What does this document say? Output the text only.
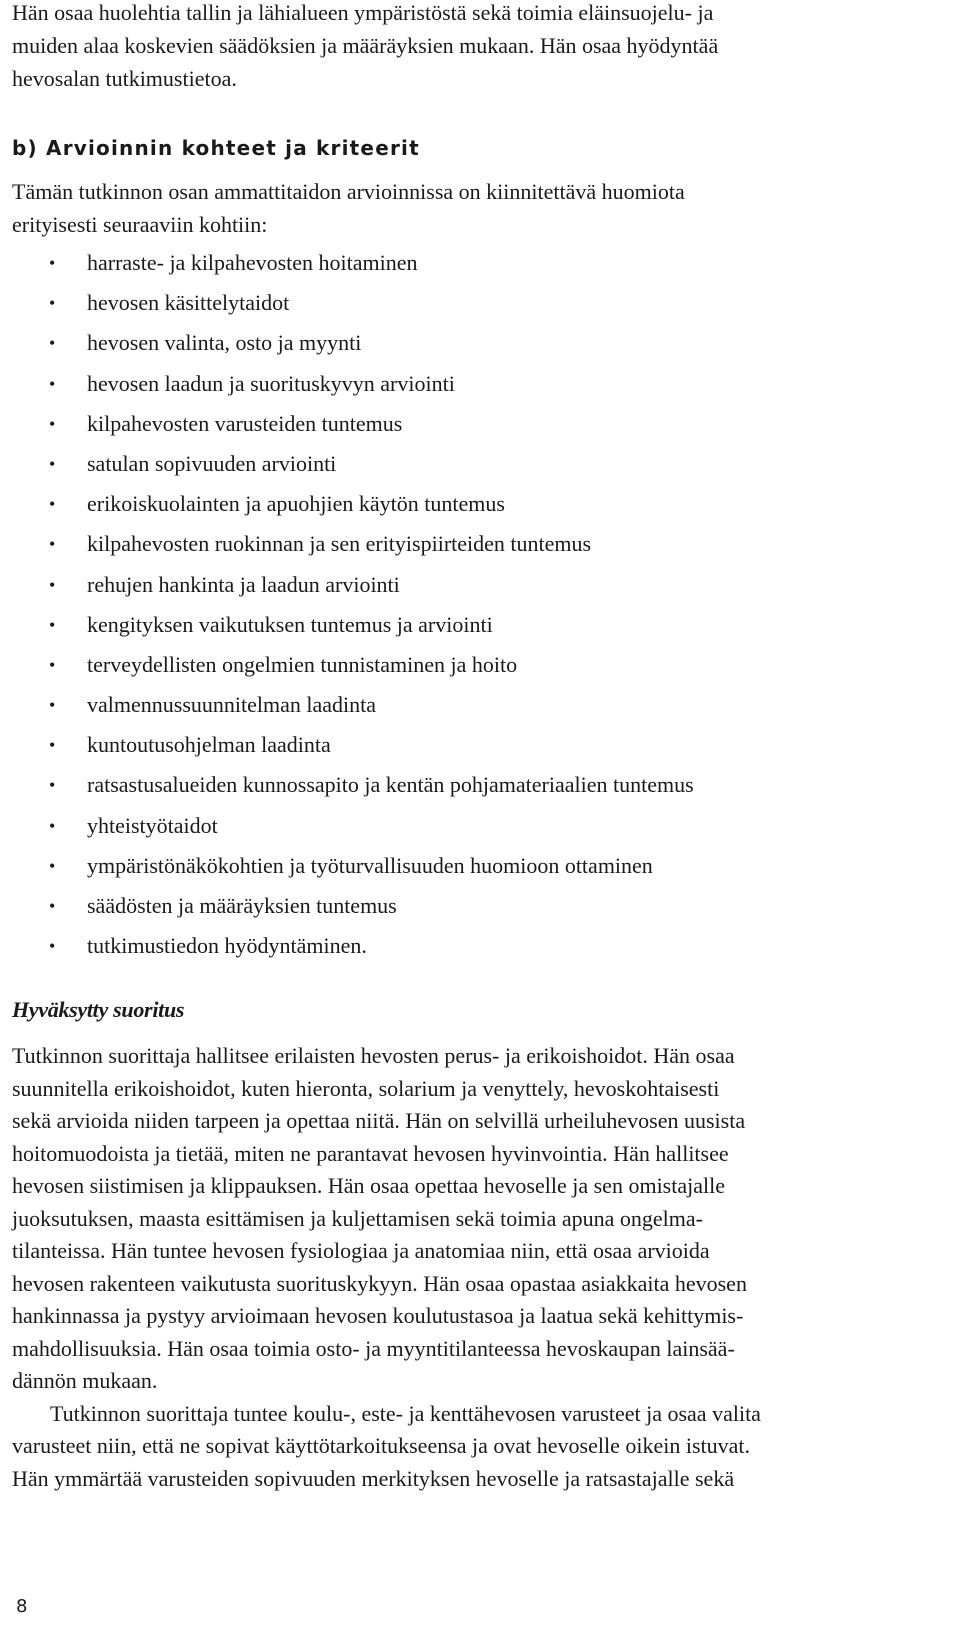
Hän osaa huolehtia tallin ja lähialueen ympäristöstä sekä toimia eläinsuojelu- ja
muiden alaa koskevien säädöksien ja määräyksien mukaan. Hän osaa hyödyntää
hevosalan tutkimustietoa.

b) Arvioinnin kohteet ja kriteerit

Tämän tutkinnon osan ammattitaidon arvioinnissa on kiinnitettävä huomiota
erityisesti seuraaviin kohtiin:

• harraste- ja kilpahevosten hoitaminen
• hevosen käsittelytaidot
• hevosen valinta, osto ja myynti
• hevosen laadun ja suorituskyvyn arviointi
• kilpahevosten varusteiden tuntemus
• satulan sopivuuden arviointi
• erikoiskuolainten ja apuohjien käytön tuntemus
• kilpahevosten ruokinnan ja sen erityispiirteiden tuntemus
• rehujen hankinta ja laadun arviointi
• kengityksen vaikutuksen tuntemus ja arviointi
• terveydellisten ongelmien tunnistaminen ja hoito
• valmennussuunnitelman laadinta
• kuntoutusohjelman laadinta
• ratsastusalueiden kunnossapito ja kentän pohjamateriaalien tuntemus
• yhteistyötaidot
• ympäristönäkökohtien ja työturvallisuuden huomioon ottaminen
• säädösten ja määräyksien tuntemus
• tutkimustiedon hyödyntäminen.
Hyväksytty suoritus

Tutkinnon suorittaja hallitsee erilaisten hevosten perus- ja erikoishoidot. Hän osaa
suunnitella erikoishoidot, kuten hieronta, solarium ja venyttely, hevoskohtaisesti
sekä arvioida niiden tarpeen ja opettaa niitä. Hän on selvillä urheiluhevosen uusista
hoitomuodoista ja tietää, miten ne parantavat hevosen hyvinvointia. Hän hallitsee
hevosen siistimisen ja klippauksen. Hän osaa opettaa hevoselle ja sen omistajalle
juoksutuksen, maasta esittämisen ja kuljettamisen sekä toimia apuna ongelma-
tilanteissa. Hän tuntee hevosen fysiologiaa ja anatomiaa niin, että osaa arvioida
hevosen rakenteen vaikutusta suorituskykyyn. Hän osaa opastaa asiakkaita hevosen
hankinnassa ja pystyy arvioimaan hevosen koulutustasoa ja laatua sekä kehittymis-
mahdollisuuksia. Hän osaa toimia osto- ja myyntitilanteessa hevoskaupan lainsää-
dännön mukaan.
Tutkinnon suorittaja tuntee koulu-, este- ja kenttähevosen varusteet ja osaa valita
varusteet niin, että ne sopivat käyttötarkoitukseensa ja ovat hevoselle oikein istuvat.
Hän ymmärtää varusteiden sopivuuden merkityksen hevoselle ja ratsastajalle sekä

8
